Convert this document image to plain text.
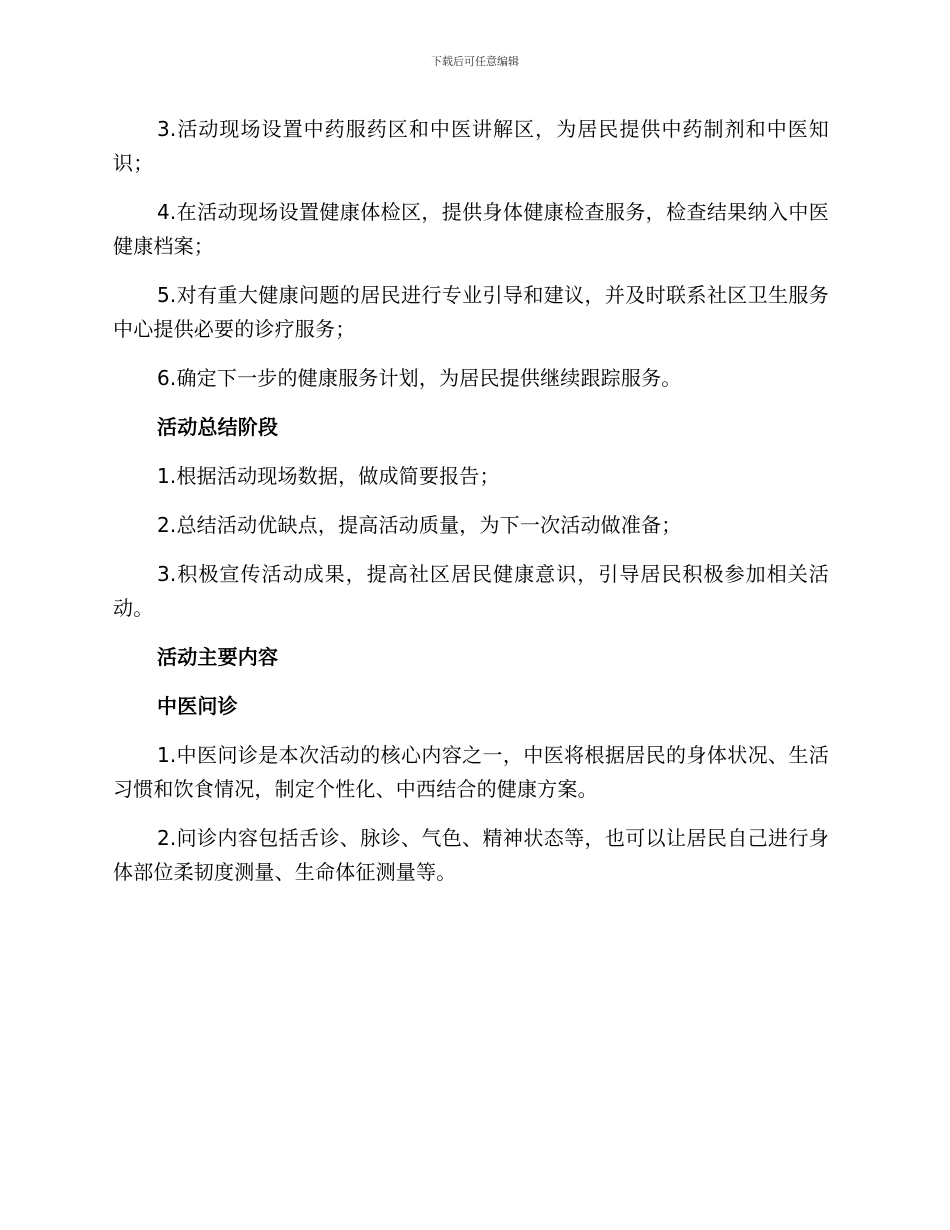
下载后可任意编辑

3.活动现场设置中药服药区和中医讲解区，为居民提供中药制剂和中医知识；

4.在活动现场设置健康体检区，提供身体健康检查服务，检查结果纳入中医健康档案；

5.对有重大健康问题的居民进行专业引导和建议，并及时联系社区卫生服务中心提供必要的诊疗服务；

6.确定下一步的健康服务计划，为居民提供继续跟踪服务。

活动总结阶段

1.根据活动现场数据，做成简要报告；

2.总结活动优缺点，提高活动质量，为下一次活动做准备；

3.积极宣传活动成果，提高社区居民健康意识，引导居民积极参加相关活动。

活动主要内容

中医问诊

1.中医问诊是本次活动的核心内容之一，中医将根据居民的身体状况、生活习惯和饮食情况，制定个性化、中西结合的健康方案。

2.问诊内容包括舌诊、脉诊、气色、精神状态等，也可以让居民自己进行身体部位柔韧度测量、生命体征测量等。
